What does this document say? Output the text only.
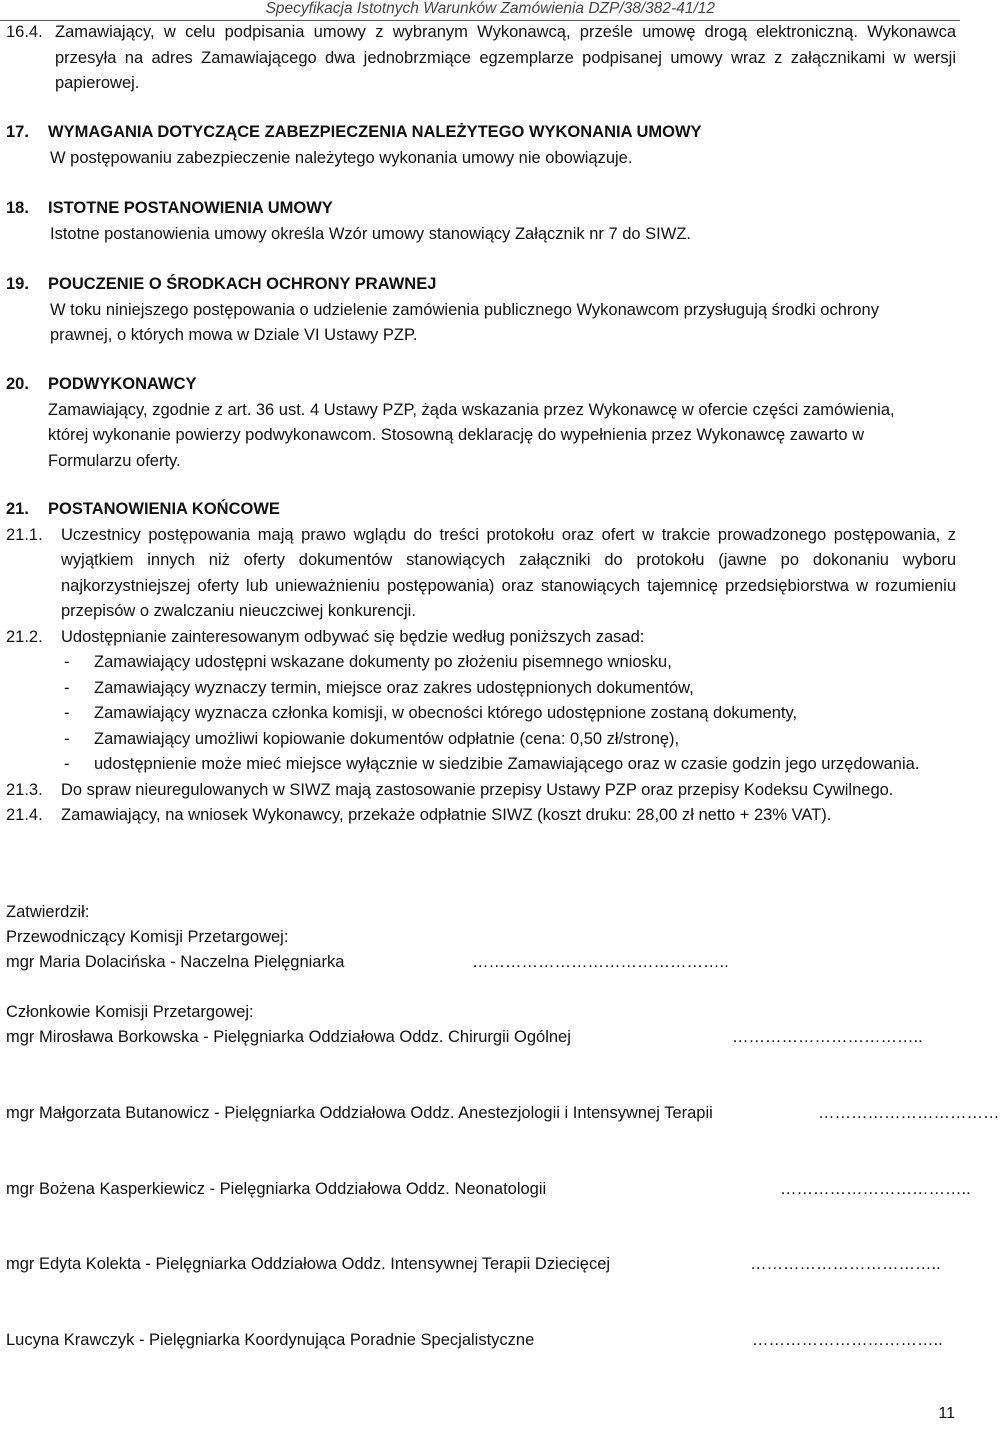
Specyfikacja Istotnych Warunków Zamówienia DZP/38/382-41/12
16.4. Zamawiający, w celu podpisania umowy z wybranym Wykonawcą, prześle umowę drogą elektroniczną. Wykonawca przesyła na adres Zamawiającego dwa jednobrzmiące egzemplarze podpisanej umowy wraz z załącznikami w wersji papierowej.
17.	WYMAGANIA DOTYCZĄCE ZABEZPIECZENIA NALEŻYTEGO WYKONANIA UMOWY
W postępowaniu zabezpieczenie należytego wykonania umowy nie obowiązuje.
18.	ISTOTNE POSTANOWIENIA UMOWY
Istotne postanowienia umowy określa Wzór umowy stanowiący Załącznik nr 7 do SIWZ.
19.	POUCZENIE O ŚRODKACH OCHRONY PRAWNEJ
W toku niniejszego postępowania o udzielenie zamówienia publicznego Wykonawcom przysługują środki ochrony prawnej, o których mowa w Dziale VI Ustawy PZP.
20.	PODWYKONAWCY
Zamawiający, zgodnie z art. 36 ust. 4 Ustawy PZP, żąda wskazania przez Wykonawcę w ofercie części zamówienia, której wykonanie powierzy podwykonawcom. Stosowną deklarację do wypełnienia przez Wykonawcę zawarto w Formularzu oferty.
21.	POSTANOWIENIA KOŃCOWE
21.1.	Uczestnicy postępowania mają prawo wglądu do treści protokołu oraz ofert w trakcie prowadzonego postępowania, z wyjątkiem innych niż oferty dokumentów stanowiących załączniki do protokołu (jawne po dokonaniu wyboru najkorzystniejszej oferty lub unieważnieniu postępowania) oraz stanowiących tajemnicę przedsiębiorstwa w rozumieniu przepisów o zwalczaniu nieuczciwej konkurencji.
21.2.	Udostępnianie zainteresowanym odbywać się będzie według poniższych zasad:
-	Zamawiający udostępni wskazane dokumenty po złożeniu pisemnego wniosku,
-	Zamawiający wyznaczy termin, miejsce oraz zakres udostępnionych dokumentów,
-	Zamawiający wyznacza członka komisji, w obecności którego udostępnione zostaną dokumenty,
-	Zamawiający umożliwi kopiowanie dokumentów odpłatnie (cena: 0,50 zł/stronę),
-	udostępnienie może mieć miejsce wyłącznie w siedzibie Zamawiającego oraz w czasie godzin jego urzędowania.
21.3.	Do spraw nieuregulowanych w SIWZ mają zastosowanie przepisy Ustawy PZP oraz przepisy Kodeksu Cywilnego.
21.4.	Zamawiający, na wniosek Wykonawcy, przekaże odpłatnie SIWZ (koszt druku: 28,00 zł netto + 23% VAT).
Zatwierdził:
Przewodniczący Komisji Przetargowej:
mgr Maria Dolacińska - Naczelna Pielęgniarka	………………………………………..
Członkowie Komisji Przetargowej:
mgr Mirosława Borkowska - Pielęgniarka Oddziałowa Oddz. Chirurgii Ogólnej	……………………………..
mgr Małgorzata Butanowicz - Pielęgniarka Oddziałowa Oddz. Anestezjologii i Intensywnej Terapii	……………………………
mgr Bożena Kasperkiewicz - Pielęgniarka Oddziałowa Oddz. Neonatologii	……………………………..
mgr Edyta Kolekta - Pielęgniarka Oddziałowa Oddz. Intensywnej Terapii Dziecięcej	……………………………..
Lucyna Krawczyk - Pielęgniarka Koordynująca Poradnie Specjalistyczne	……………………………..
11
